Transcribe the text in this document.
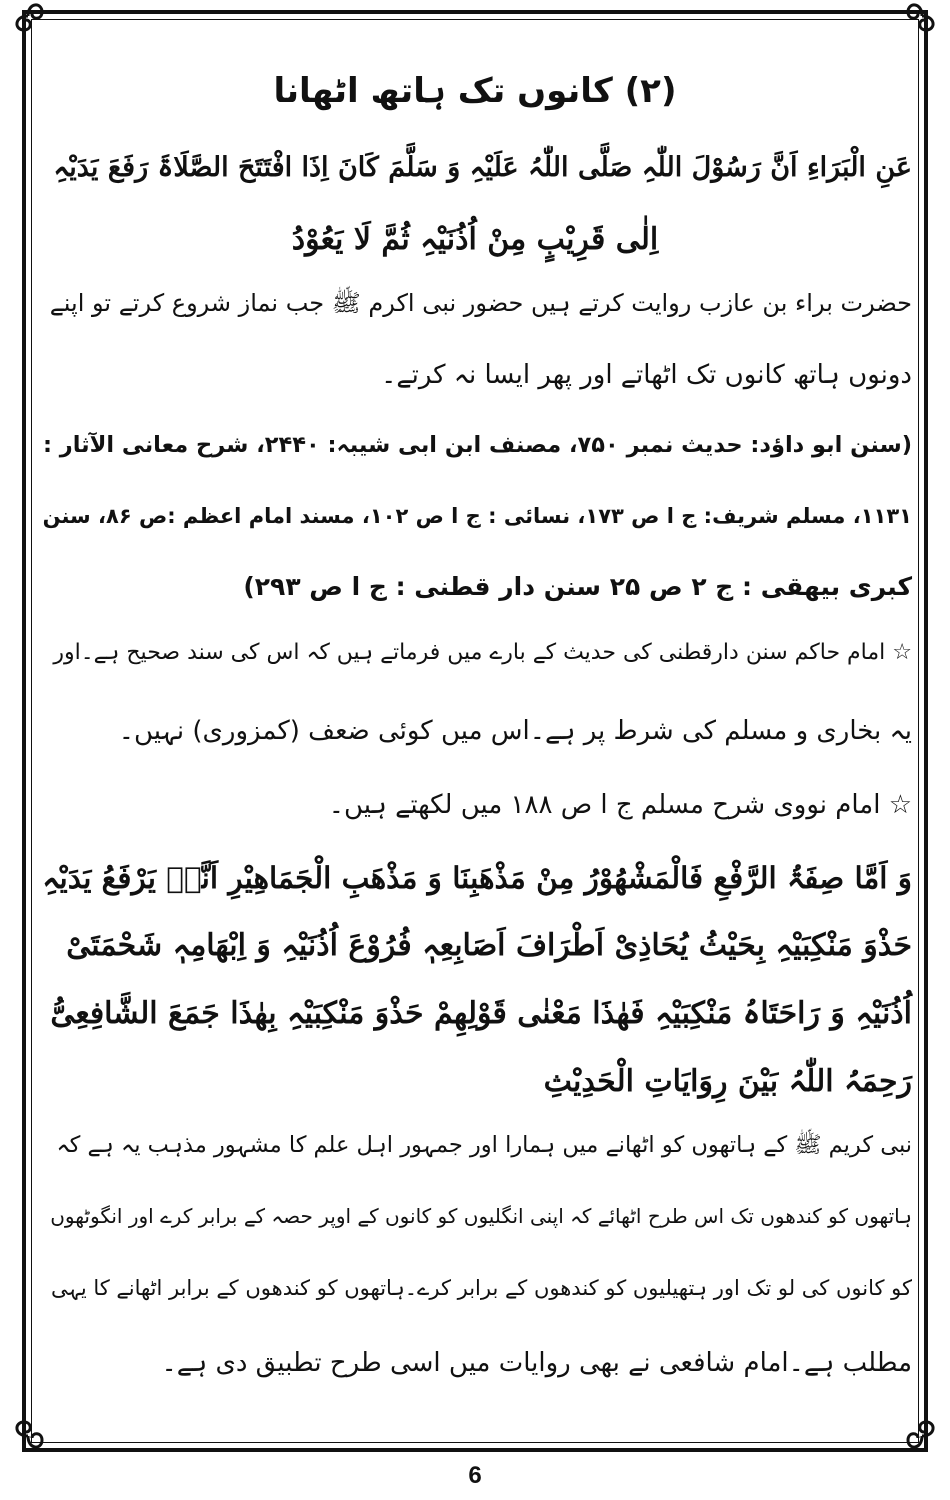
(۲) کانوں تک ہاتھ اٹھانا
عَنِ الْبَرَاءِ اَنَّ رَسُوْلَ اللّٰہِ صَلَّی اللّٰہُ عَلَیْہِ وَ سَلَّمَ کَانَ اِذَا افْتَتَحَ الصَّلَاۃَ رَفَعَ یَدَیْہِ
اِلٰی قَرِیْبٍ مِنْ اُذُنَیْہِ ثُمَّ لَا یَعُوْدُ
حضرت براء بن عازب روایت کرتے ہیں حضور نبی اکرم ﷺ جب نماز شروع کرتے تو اپنے
دونوں ہاتھ کانوں تک اٹھاتے اور پھر ایسا نہ کرتے۔
(سنن ابو داؤد: حدیث نمبر ۷۵۰، مصنف ابن ابی شیبہ: ۲۴۴۰، شرح معانی الآثار :
۱۱۳۱، مسلم شریف: ج ا ص ۱۷۳، نسائی : ج ا ص ۱۰۲، مسند امام اعظم :ص ۸۶، سنن
کبری بیھقی : ج ۲ ص ۲۵ سنن دار قطنی : ج ا ص ۲۹۳)
☆ امام حاکم سنن دارقطنی کی حدیث کے بارے میں فرماتے ہیں کہ اس کی سند صحیح ہے۔اور
یہ بخاری و مسلم کی شرط پر ہے۔اس میں کوئی ضعف (کمزوری) نہیں۔
☆ امام نووی شرح مسلم ج ا ص ۱۸۸ میں لکھتے ہیں۔
وَ اَمَّا صِفَۃُ الرَّفْعِ فَالْمَشْھُوْرُ مِنْ مَذْھَبِنَا وَ مَذْھَبِ الْجَمَاھِیْرِ اَنَّہٗ یَرْفَعُ یَدَیْہِ
حَذْوَ مَنْکِبَیْہِ بِحَیْثُ یُحَاذِیْ اَطْرَافَ اَصَابِعِہٖ فُرُوْعَ اُذُنَیْہِ وَ اِبْھَامِہٖ شَحْمَتَیْ
اُذُنَیْہِ وَ رَاحَتَاہُ مَنْکِبَیْہِ فَھٰذَا مَعْنٰی قَوْلِھِمْ حَذْوَ مَنْکِبَیْہِ بِھٰذَا جَمَعَ الشَّافِعِیُّ
رَحِمَہُ اللّٰہُ بَیْنَ رِوَایَاتِ الْحَدِیْثِ
نبی کریم ﷺ کے ہاتھوں کو اٹھانے میں ہمارا اور جمہور اہل علم کا مشہور مذہب یہ ہے کہ
ہاتھوں کو کندھوں تک اس طرح اٹھائے کہ اپنی انگلیوں کو کانوں کے اوپر حصہ کے برابر کرے اور انگوٹھوں
کو کانوں کی لو تک اور ہتھیلیوں کو کندھوں کے برابر کرے۔ہاتھوں کو کندھوں کے برابر اٹھانے کا یہی
مطلب ہے۔امام شافعی نے بھی روایات میں اسی طرح تطبیق دی ہے۔
6
